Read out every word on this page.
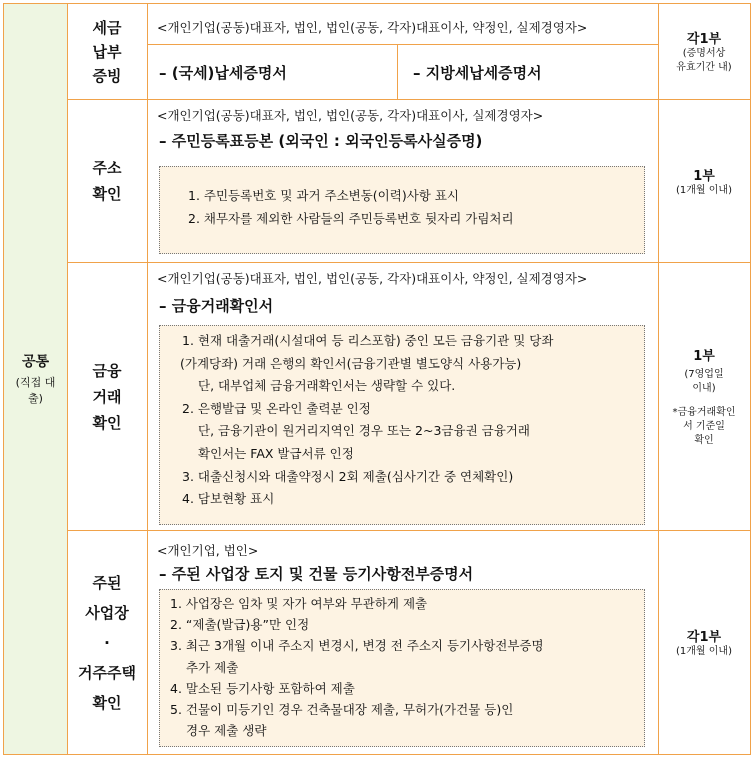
공통
(직접 대출)
세금
납부
증빙
<개인기업(공동)대표자, 법인, 법인(공동, 각자)대표이사, 약정인, 실제경영자>
– (국세)납세증명서	– 지방세납세증명서
각1부
(증명서상
유효기간 내)
주소
확인
<개인기업(공동)대표자, 법인, 법인(공동, 각자)대표이사, 실제경영자>
– 주민등록표등본 (외국인 : 외국인등록사실증명)
1. 주민등록번호 및 과거 주소변동(이력)사항 표시
2. 채무자를 제외한 사람들의 주민등록번호 뒷자리 가림처리
1부
(1개월 이내)
금융
거래
확인
<개인기업(공동)대표자, 법인, 법인(공동, 각자)대표이사, 약정인, 실제경영자>
– 금융거래확인서
1. 현재 대출거래(시설대여 등 리스포함) 중인 모든 금융기관 및 당좌
(가계당좌) 거래 은행의 확인서(금융기관별 별도양식 사용가능)
단, 대부업체 금융거래확인서는 생략할 수 있다.
2. 은행발급 및 온라인 출력분 인정
단, 금융기관이 원거리지역인 경우 또는 2~3금융권 금융거래
확인서는 FAX 발급서류 인정
3. 대출신청시와 대출약정시 2회 제출(심사기간 중 연체확인)
4. 담보현황 표시
1부
(7영업일
이내)
*금융거래확인
서 기준일
확인
주된
사업장
·
거주주택
확인
<개인기업, 법인>
– 주된 사업장 토지 및 건물 등기사항전부증명서
1. 사업장은 임차 및 자가 여부와 무관하게 제출
2. “제출(발급)용”만 인정
3. 최근 3개월 이내 주소지 변경시, 변경 전 주소지 등기사항전부증명
추가 제출
4. 말소된 등기사항 포함하여 제출
5. 건물이 미등기인 경우 건축물대장 제출, 무허가(가건물 등)인
경우 제출 생략
각1부
(1개월 이내)
